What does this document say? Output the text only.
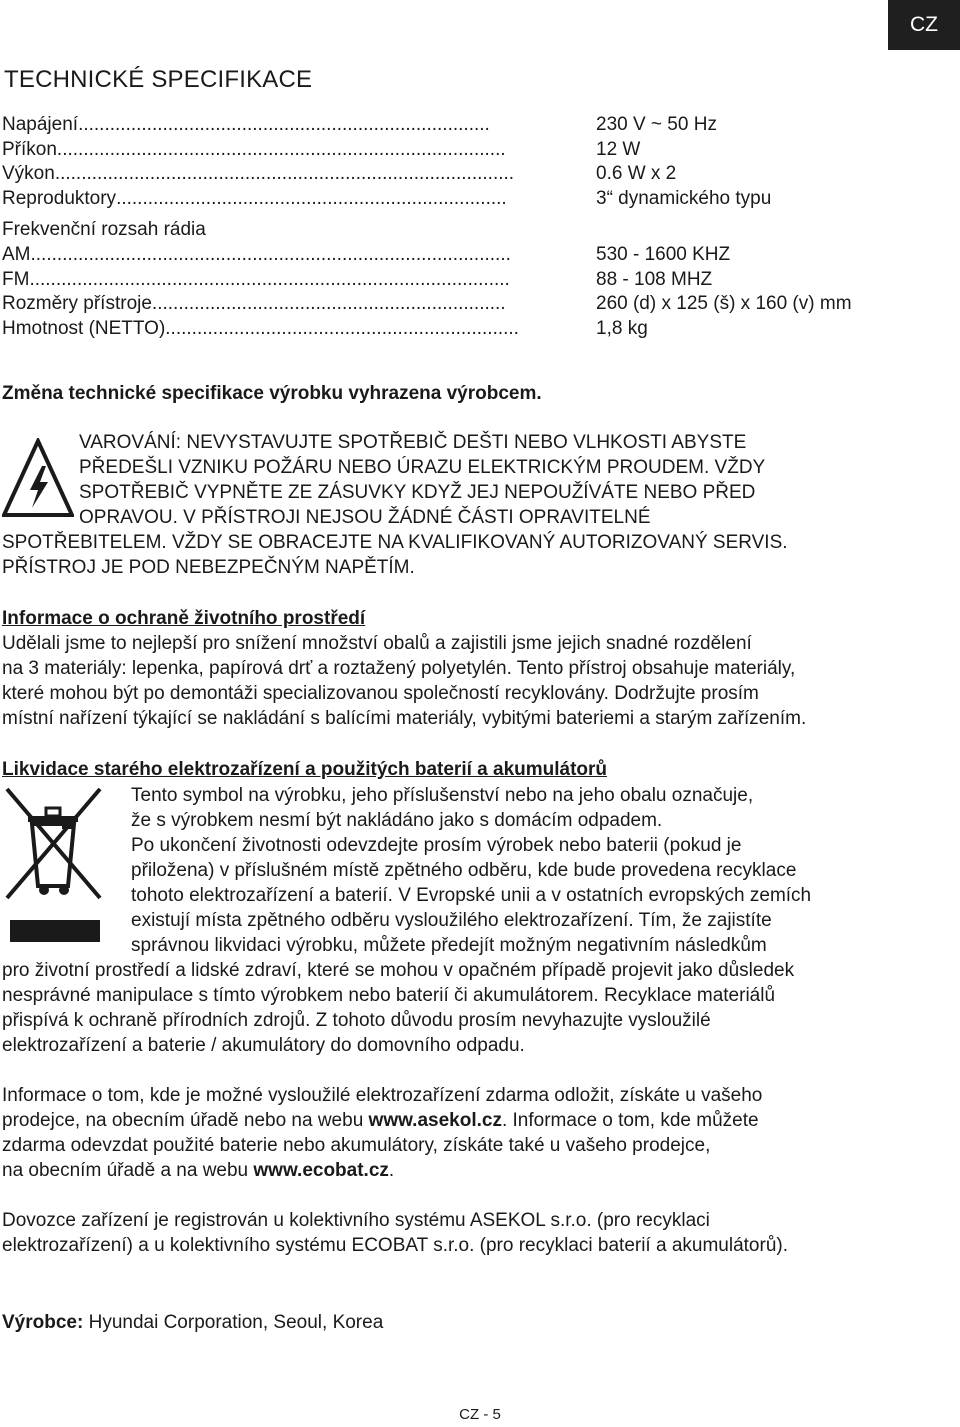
CZ
TECHNICKÉ SPECIFIKACE
Napájení ..............................................................................	230 V ~ 50 Hz
Příkon .....................................................................................	12 W
Výkon .......................................................................................	0.6 W x 2
Reproduktory ..........................................................................	3“ dynamického typu
Frekvenční rozsah rádia
AM ...........................................................................................	530 - 1600 KHZ
FM ...........................................................................................	88 - 108 MHZ
Rozměry přístroje ...................................................................	260 (d) x 125 (š) x 160 (v) mm
Hmotnost (NETTO) ...................................................................	1,8 kg
Změna technické specifikace výrobku vyhrazena výrobcem.
VAROVÁNÍ: NEVYSTAVUJTE SPOTŘEBIČ DEŠTI NEBO VLHKOSTI ABYSTE
PŘEDEŠLI VZNIKU POŽÁRU NEBO ÚRAZU ELEKTRICKÝM PROUDEM. VŽDY
SPOTŘEBIČ VYPNĚTE ZE ZÁSUVKY KDYŽ JEJ NEPOUŽÍVÁTE NEBO PŘED
OPRAVOU. V PŘÍSTROJI NEJSOU ŽÁDNÉ ČÁSTI OPRAVITELNÉ
SPOTŘEBITELEM. VŽDY SE OBRACEJTE NA KVALIFIKOVANÝ AUTORIZOVANÝ SERVIS.
PŘÍSTROJ JE POD NEBEZPEČNÝM NAPĚTÍM.
Informace o ochraně životního prostředí
Udělali jsme to nejlepší pro snížení množství obalů a zajistili jsme jejich snadné rozdělení
na 3 materiály: lepenka, papírová drť a roztažený polyetylén. Tento přístroj obsahuje materiály,
které mohou být po demontáži specializovanou společností recyklovány. Dodržujte prosím
místní nařízení týkající se nakládání s balícími materiály, vybitými bateriemi a starým zařízením.
Likvidace starého elektrozařízení a použitých baterií a akumulátorů
Tento symbol na výrobku, jeho příslušenství nebo na jeho obalu označuje,
že s výrobkem nesmí být nakládáno jako s domácím odpadem.
Po ukončení životnosti odevzdejte prosím výrobek nebo baterii (pokud je
přiložena) v příslušném místě zpětného odběru, kde bude provedena recyklace
tohoto elektrozařízení a baterií. V Evropské unii a v ostatních evropských zemích
existují místa zpětného odběru vysloužilého elektrozařízení. Tím, že zajistíte
správnou likvidaci výrobku, můžete předejít možným negativním následkům
pro životní prostředí a lidské zdraví, které se mohou v opačném případě projevit jako důsledek
nesprávné manipulace s tímto výrobkem nebo baterií či akumulátorem. Recyklace materiálů
přispívá k ochraně přírodních zdrojů. Z tohoto důvodu prosím nevyhazujte vysloužilé
elektrozařízení a baterie / akumulátory do domovního odpadu.
Informace o tom, kde je možné vysloužilé elektrozařízení zdarma odložit, získáte u vašeho
prodejce, na obecním úřadě nebo na webu www.asekol.cz. Informace o tom, kde můžete
zdarma odevzdat použité baterie nebo akumulátory, získáte také u vašeho prodejce,
na obecním úřadě a na webu www.ecobat.cz.
Dovozce zařízení je registrován u kolektivního systému ASEKOL s.r.o. (pro recyklaci
elektrozařízení) a u kolektivního systému ECOBAT s.r.o. (pro recyklaci baterií a akumulátorů).
Výrobce: Hyundai Corporation, Seoul, Korea
CZ - 5
